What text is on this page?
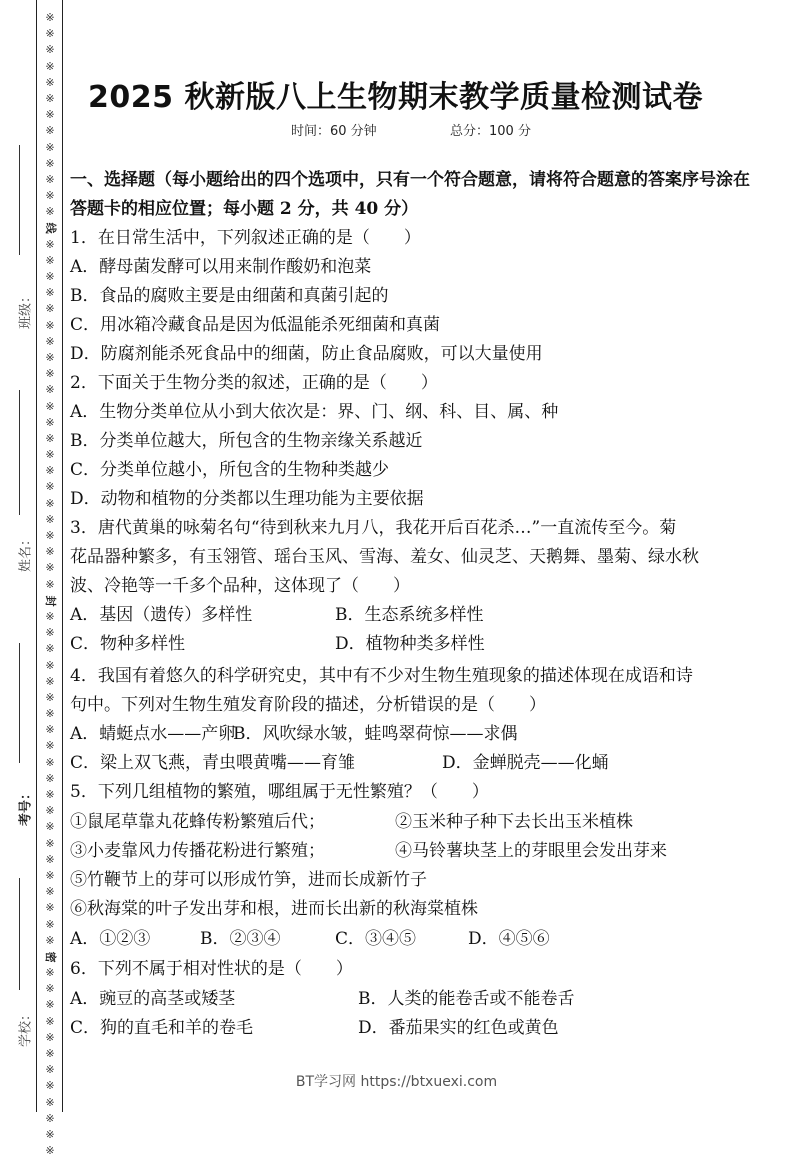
※
※
※
※
※
※
※
※
※
※
※
※
※
线
※
※
※
※
※
※
※
※
※
※
※
※
※
※
※
※
※
※
※
※
※
※
封
※
※
※
※
※
※
※
※
※
※
※
※
※
※
※
※
※
※
※
※
※
密
※
※
※
※
※
※
※
※
※
※
※
※
班级：
姓名：
考号：
学校：
2025 秋新版八上生物期末教学质量检测试卷
时间：60 分钟	总分：100 分
一、选择题（每小题给出的四个选项中，只有一个符合题意，请将符合题意的答案序号涂在答题卡的相应位置；每小题 2 分，共 40 分）
1．在日常生活中，下列叙述正确的是（　　）
A．酵母菌发酵可以用来制作酸奶和泡菜
B．食品的腐败主要是由细菌和真菌引起的
C．用冰箱冷藏食品是因为低温能杀死细菌和真菌
D．防腐剂能杀死食品中的细菌，防止食品腐败，可以大量使用
2．下面关于生物分类的叙述，正确的是（　　）
A．生物分类单位从小到大依次是：界、门、纲、科、目、属、种
B．分类单位越大，所包含的生物亲缘关系越近
C．分类单位越小，所包含的生物种类越少
D．动物和植物的分类都以生理功能为主要依据
3．唐代黄巢的咏菊名句“待到秋来九月八，我花开后百花杀…”一直流传至今。菊
花品器种繁多，有玉翎管、瑶台玉风、雪海、羞女、仙灵芝、天鹅舞、墨菊、绿水秋
波、冷艳等一千多个品种，这体现了（　　）
A．基因（遗传）多样性	B．生态系统多样性
C．物种多样性	D．植物种类多样性
4．我国有着悠久的科学研究史，其中有不少对生物生殖现象的描述体现在成语和诗
句中。下列对生物生殖发育阶段的描述，分析错误的是（　　）
A．蜻蜓点水——产卵
B．风吹绿水皱，蛙鸣翠荷惊——求偶
C．梁上双飞燕，青虫喂黄嘴——育雏	D．金蝉脱壳——化蛹
5．下列几组植物的繁殖，哪组属于无性繁殖？（　　）
①鼠尾草靠丸花蜂传粉繁殖后代；	②玉米种子种下去长出玉米植株
③小麦靠风力传播花粉进行繁殖；	④马铃薯块茎上的芽眼里会发出芽来
⑤竹鞭节上的芽可以形成竹笋，进而长成新竹子
⑥秋海棠的叶子发出芽和根，进而长出新的秋海棠植株
A．①②③	B．②③④	C．③④⑤	D．④⑤⑥
6．下列不属于相对性状的是（　　）
A．豌豆的高茎或矮茎	B．人类的能卷舌或不能卷舌
C．狗的直毛和羊的卷毛	D．番茄果实的红色或黄色
BT学习网 https://btxuexi.com
